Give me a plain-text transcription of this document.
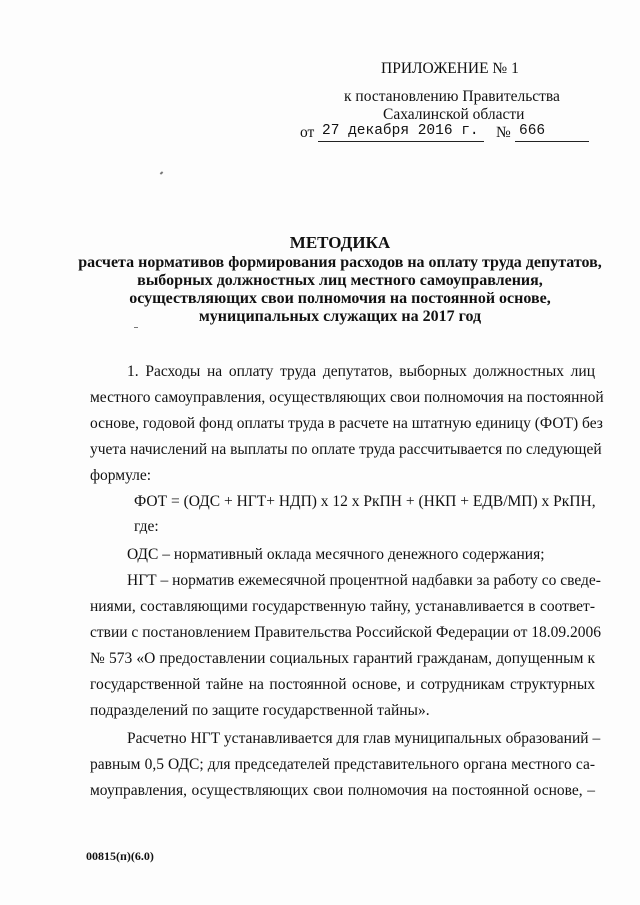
ПРИЛОЖЕНИЕ № 1
к постановлению Правительства
Сахалинской области
от 27 декабря 2016 г. № 666
МЕТОДИКА
расчета нормативов формирования расходов на оплату труда депутатов,
выборных должностных лиц местного самоуправления,
осуществляющих свои полномочия на постоянной основе,
муниципальных служащих на 2017 год
1. Расходы на оплату труда депутатов, выборных должностных лиц
местного самоуправления, осуществляющих свои полномочия на постоянной
основе, годовой фонд оплаты труда в расчете на штатную единицу (ФОТ) без
учета начислений на выплаты по оплате труда рассчитывается по следующей
формуле:
ФОТ = (ОДС + НГТ+ НДП) х 12 х РкПН + (НКП + ЕДВ/МП) х РкПН,
где:
ОДС – нормативный оклада месячного денежного содержания;
НГТ – норматив ежемесячной процентной надбавки за работу со сведе-
ниями, составляющими государственную тайну, устанавливается в соответ-
ствии с постановлением Правительства Российской Федерации от 18.09.2006
№ 573 «О предоставлении социальных гарантий гражданам, допущенным к
государственной тайне на постоянной основе, и сотрудникам структурных
подразделений по защите государственной тайны».
Расчетно НГТ устанавливается для глав муниципальных образований –
равным 0,5 ОДС; для председателей представительного органа местного са-
моуправления, осуществляющих свои полномочия на постоянной основе, –
00815(п)(6.0)
